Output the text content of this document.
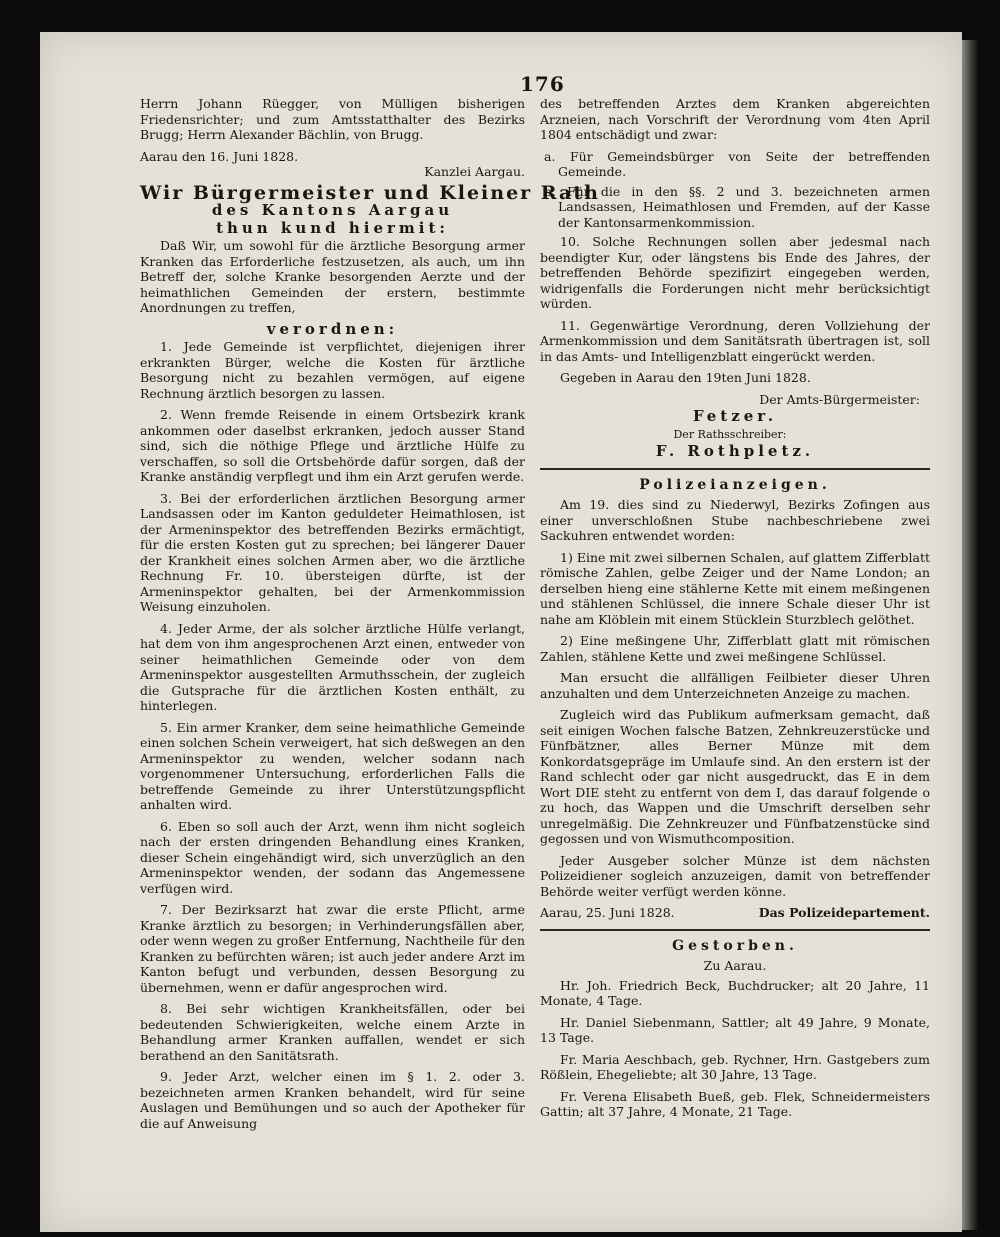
176

Herrn Johann Rüegger, von Mülligen bisherigen Friedensrichter; und zum Amtsstatthalter des Bezirks Brugg; Herrn Alexander Bächlin, von Brugg.

Aarau den 16. Juni 1828.

Kanzlei Aargau.

Wir Bürgermeister und Kleiner Rath
des Kantons Aargau
thun kund hiermit:

Daß Wir, um sowohl für die ärztliche Besorgung armer Kranken das Erforderliche festzusetzen, als auch, um ihn Betreff der, solche Kranke besorgenden Aerzte und der heimathlichen Gemeinden der erstern, bestimmte Anordnungen zu treffen,

verordnen:

1. Jede Gemeinde ist verpflichtet, diejenigen ihrer erkrankten Bürger, welche die Kosten für ärztliche Besorgung nicht zu bezahlen vermögen, auf eigene Rechnung ärztlich besorgen zu lassen.

2. Wenn fremde Reisende in einem Ortsbezirk krank ankommen oder daselbst erkranken, jedoch ausser Stand sind, sich die nöthige Pflege und ärztliche Hülfe zu verschaffen, so soll die Ortsbehörde dafür sorgen, daß der Kranke anständig verpflegt und ihm ein Arzt gerufen werde.

3. Bei der erforderlichen ärztlichen Besorgung armer Landsassen oder im Kanton geduldeter Heimathlosen, ist der Armeninspektor des betreffenden Bezirks ermächtigt, für die ersten Kosten gut zu sprechen; bei längerer Dauer der Krankheit eines solchen Armen aber, wo die ärztliche Rechnung Fr. 10. übersteigen dürfte, ist der Armeninspektor gehalten, bei der Armenkommission Weisung einzuholen.

4. Jeder Arme, der als solcher ärztliche Hülfe verlangt, hat dem von ihm angesprochenen Arzt einen, entweder von seiner heimathlichen Gemeinde oder von dem Armeninspektor ausgestellten Armuthsschein, der zugleich die Gutsprache für die ärztlichen Kosten enthält, zu hinterlegen.

5. Ein armer Kranker, dem seine heimathliche Gemeinde einen solchen Schein verweigert, hat sich deßwegen an den Armeninspektor zu wenden, welcher sodann nach vorgenommener Untersuchung, erforderlichen Falls die betreffende Gemeinde zu ihrer Unterstützungspflicht anhalten wird.

6. Eben so soll auch der Arzt, wenn ihm nicht sogleich nach der ersten dringenden Behandlung eines Kranken, dieser Schein eingehändigt wird, sich unverzüglich an den Armeninspektor wenden, der sodann das Angemessene verfügen wird.

7. Der Bezirksarzt hat zwar die erste Pflicht, arme Kranke ärztlich zu besorgen; in Verhinderungsfällen aber, oder wenn wegen zu großer Entfernung, Nachtheile für den Kranken zu befürchten wären; ist auch jeder andere Arzt im Kanton befugt und verbunden, dessen Besorgung zu übernehmen, wenn er dafür angesprochen wird.

8. Bei sehr wichtigen Krankheitsfällen, oder bei bedeutenden Schwierigkeiten, welche einem Arzte in Behandlung armer Kranken auffallen, wendet er sich berathend an den Sanitätsrath.

9. Jeder Arzt, welcher einen im § 1. 2. oder 3. bezeichneten armen Kranken behandelt, wird für seine Auslagen und Bemühungen und so auch der Apotheker für die auf Anweisung

des betreffenden Arztes dem Kranken abgereichten Arzneien, nach Vorschrift der Verordnung vom 4ten April 1804 entschädigt und zwar:

a. Für Gemeindsbürger von Seite der betreffenden Gemeinde.

b. Für die in den §§. 2 und 3. bezeichneten armen Landsassen, Heimathlosen und Fremden, auf der Kasse der Kantonsarmenkommission.

10. Solche Rechnungen sollen aber jedesmal nach beendigter Kur, oder längstens bis Ende des Jahres, der betreffenden Behörde spezifizirt eingegeben werden, widrigenfalls die Forderungen nicht mehr berücksichtigt würden.

11. Gegenwärtige Verordnung, deren Vollziehung der Armenkommission und dem Sanitätsrath übertragen ist, soll in das Amts- und Intelligenzblatt eingerückt werden.

Gegeben in Aarau den 19ten Juni 1828.

Der Amts-Bürgermeister:
Fetzer.
Der Rathsschreiber:
F. Rothpletz.
Polizeianzeigen.

Am 19. dies sind zu Niederwyl, Bezirks Zofingen aus einer unverschloßnen Stube nachbeschriebene zwei Sackuhren entwendet worden:

1) Eine mit zwei silbernen Schalen, auf glattem Zifferblatt römische Zahlen, gelbe Zeiger und der Name London; an derselben hieng eine stählerne Kette mit einem meßingenen und stählenen Schlüssel, die innere Schale dieser Uhr ist nahe am Klöblein mit einem Stücklein Sturzblech gelöthet.

2) Eine meßingene Uhr, Zifferblatt glatt mit römischen Zahlen, stählene Kette und zwei meßingene Schlüssel.

Man ersucht die allfälligen Feilbieter dieser Uhren anzuhalten und dem Unterzeichneten Anzeige zu machen.

Zugleich wird das Publikum aufmerksam gemacht, daß seit einigen Wochen falsche Batzen, Zehnkreuzerstücke und Fünfbätzner, alles Berner Münze mit dem Konkordatsgepräge im Umlaufe sind. An den erstern ist der Rand schlecht oder gar nicht ausgedruckt, das E in dem Wort DIE steht zu entfernt von dem I, das darauf folgende o zu hoch, das Wappen und die Umschrift derselben sehr unregelmäßig. Die Zehnkreuzer und Fünfbatzenstücke sind gegossen und von Wismuthcomposition.

Jeder Ausgeber solcher Münze ist dem nächsten Polizeidiener sogleich anzuzeigen, damit von betreffender Behörde weiter verfügt werden könne.

Aarau, 25. Juni 1828.	Das Polizeidepartement.
Gestorben.
Zu Aarau.

Hr. Joh. Friedrich Beck, Buchdrucker; alt 20 Jahre, 11 Monate, 4 Tage.

Hr. Daniel Siebenmann, Sattler; alt 49 Jahre, 9 Monate, 13 Tage.

Fr. Maria Aeschbach, geb. Rychner, Hrn. Gastgebers zum Rößlein, Ehegeliebte; alt 30 Jahre, 13 Tage.

Fr. Verena Elisabeth Bueß, geb. Flek, Schneidermeisters Gattin; alt 37 Jahre, 4 Monate, 21 Tage.
